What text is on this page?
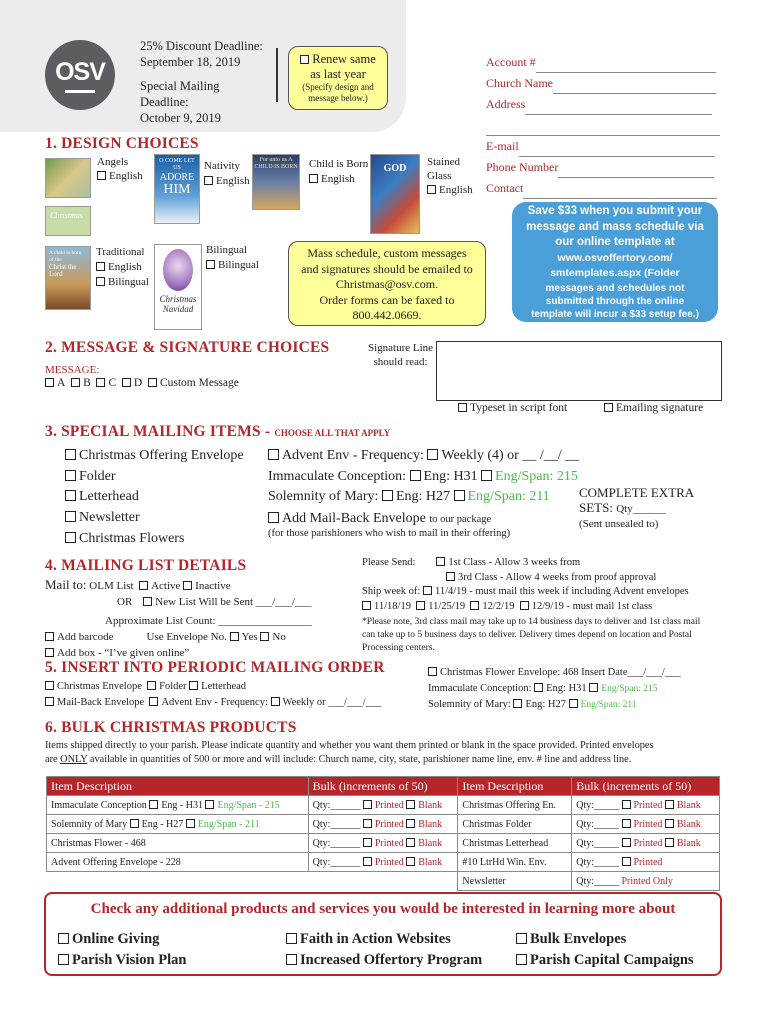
OSV
25% Discount Deadline:
September 18, 2019
Special Mailing
Deadline:
October 9, 2019
Renew same
as last year
(Specify design and
message below.)
Account #
Church Name
Address
E-mail
Phone Number
Contact
Save $33 when you submit your
message and mass schedule via
our online template at
www.osvoffertory.com/
smtemplates.aspx (Folder
messages and schedules not
submitted through the online
template will incur a $33 setup fee.)
1. DESIGN CHOICES
Angels
English
O COME LET US
ADORE
HIM
Nativity
English
For unto us A CHILD IS BORN Child is Born
English
GOD
Stained
Glass
English
Christmas
A child is born of the
Christ the Lord
Traditional
English
Bilingual
Christmas
Navidad
Bilingual
Bilingual
Mass schedule, custom messages
and signatures should be emailed to
Christmas@osv.com.
Order forms can be faxed to
800.442.0669.
2. MESSAGE & SIGNATURE CHOICES
MESSAGE:
A B C D Custom Message
Signature Line
should read:
Typeset in script font	Emailing signature
3. SPECIAL MAILING ITEMS - CHOOSE ALL THAT APPLY
Christmas Offering Envelope
Folder
Letterhead
Newsletter
Christmas Flowers
Advent Env - Frequency: Weekly (4) or __ /__/ __
Immaculate Conception: Eng: H31 Eng/Span: 215
Solemnity of Mary: Eng: H27 Eng/Span: 211
Add Mail-Back Envelope to our package
(for those parishioners who wish to mail in their offering)
COMPLETE EXTRA
SETS: Qty______
(Sent unsealed to)
4. MAILING LIST DETAILS
Mail to: OLM List Active Inactive
OR New List Will be Sent ___/___/___
Approximate List Count: _________________
Add barcode	Use Envelope No. Yes No
Add box - “I’ve given online”
Please Send:	1st Class - Allow 3 weeks from
3rd Class - Allow 4 weeks from proof approval
Ship week of: 11/4/19 - must mail this week if including Advent envelopes
11/18/19 11/25/19 12/2/19 12/9/19 - must mail 1st class
*Please note, 3rd class mail may take up to 14 business days to deliver and 1st class mail
can take up to 5 business days to deliver. Delivery times depend on location and Postal
Processing centers.
5. INSERT INTO PERIODIC MAILING ORDER
Christmas Envelope Folder Letterhead
Mail-Back Envelope Advent Env - Frequency: Weekly or ___/___/___
Christmas Flower Envelope: 468 Insert Date___/___/___
Immaculate Conception: Eng: H31 Eng/Span: 215
Solemnity of Mary: Eng: H27 Eng/Span: 211
6. BULK CHRISTMAS PRODUCTS
Items shipped directly to your parish. Please indicate quantity and whether you want them printed or blank in the space provided. Printed envelopes
are ONLY available in quantities of 500 or more and will include: Church name, city, state, parishioner name line, env. # line and address line.
Item Description	Bulk (increments of 50)	Item Description	Bulk (increments of 50)
Immaculate Conception Eng - H31 Eng/Span - 215	Qty:______ Printed Blank	Christmas Offering En.	Qty:_____ Printed Blank
Solemnity of Mary Eng - H27 Eng/Span - 211	Qty:______ Printed Blank	Christmas Folder	Qty:_____ Printed Blank
Christmas Flower - 468	Qty:______ Printed Blank	Christmas Letterhead	Qty:_____ Printed Blank
Advent Offering Envelope - 228	Qty:______ Printed Blank	#10 LtrHd Win. Env.	Qty:_____ Printed
		Newsletter	Qty:_____ Printed Only
Check any additional products and services you would be interested in learning more about
Online Giving
Parish Vision Plan
Faith in Action Websites
Increased Offertory Program
Bulk Envelopes
Parish Capital Campaigns
